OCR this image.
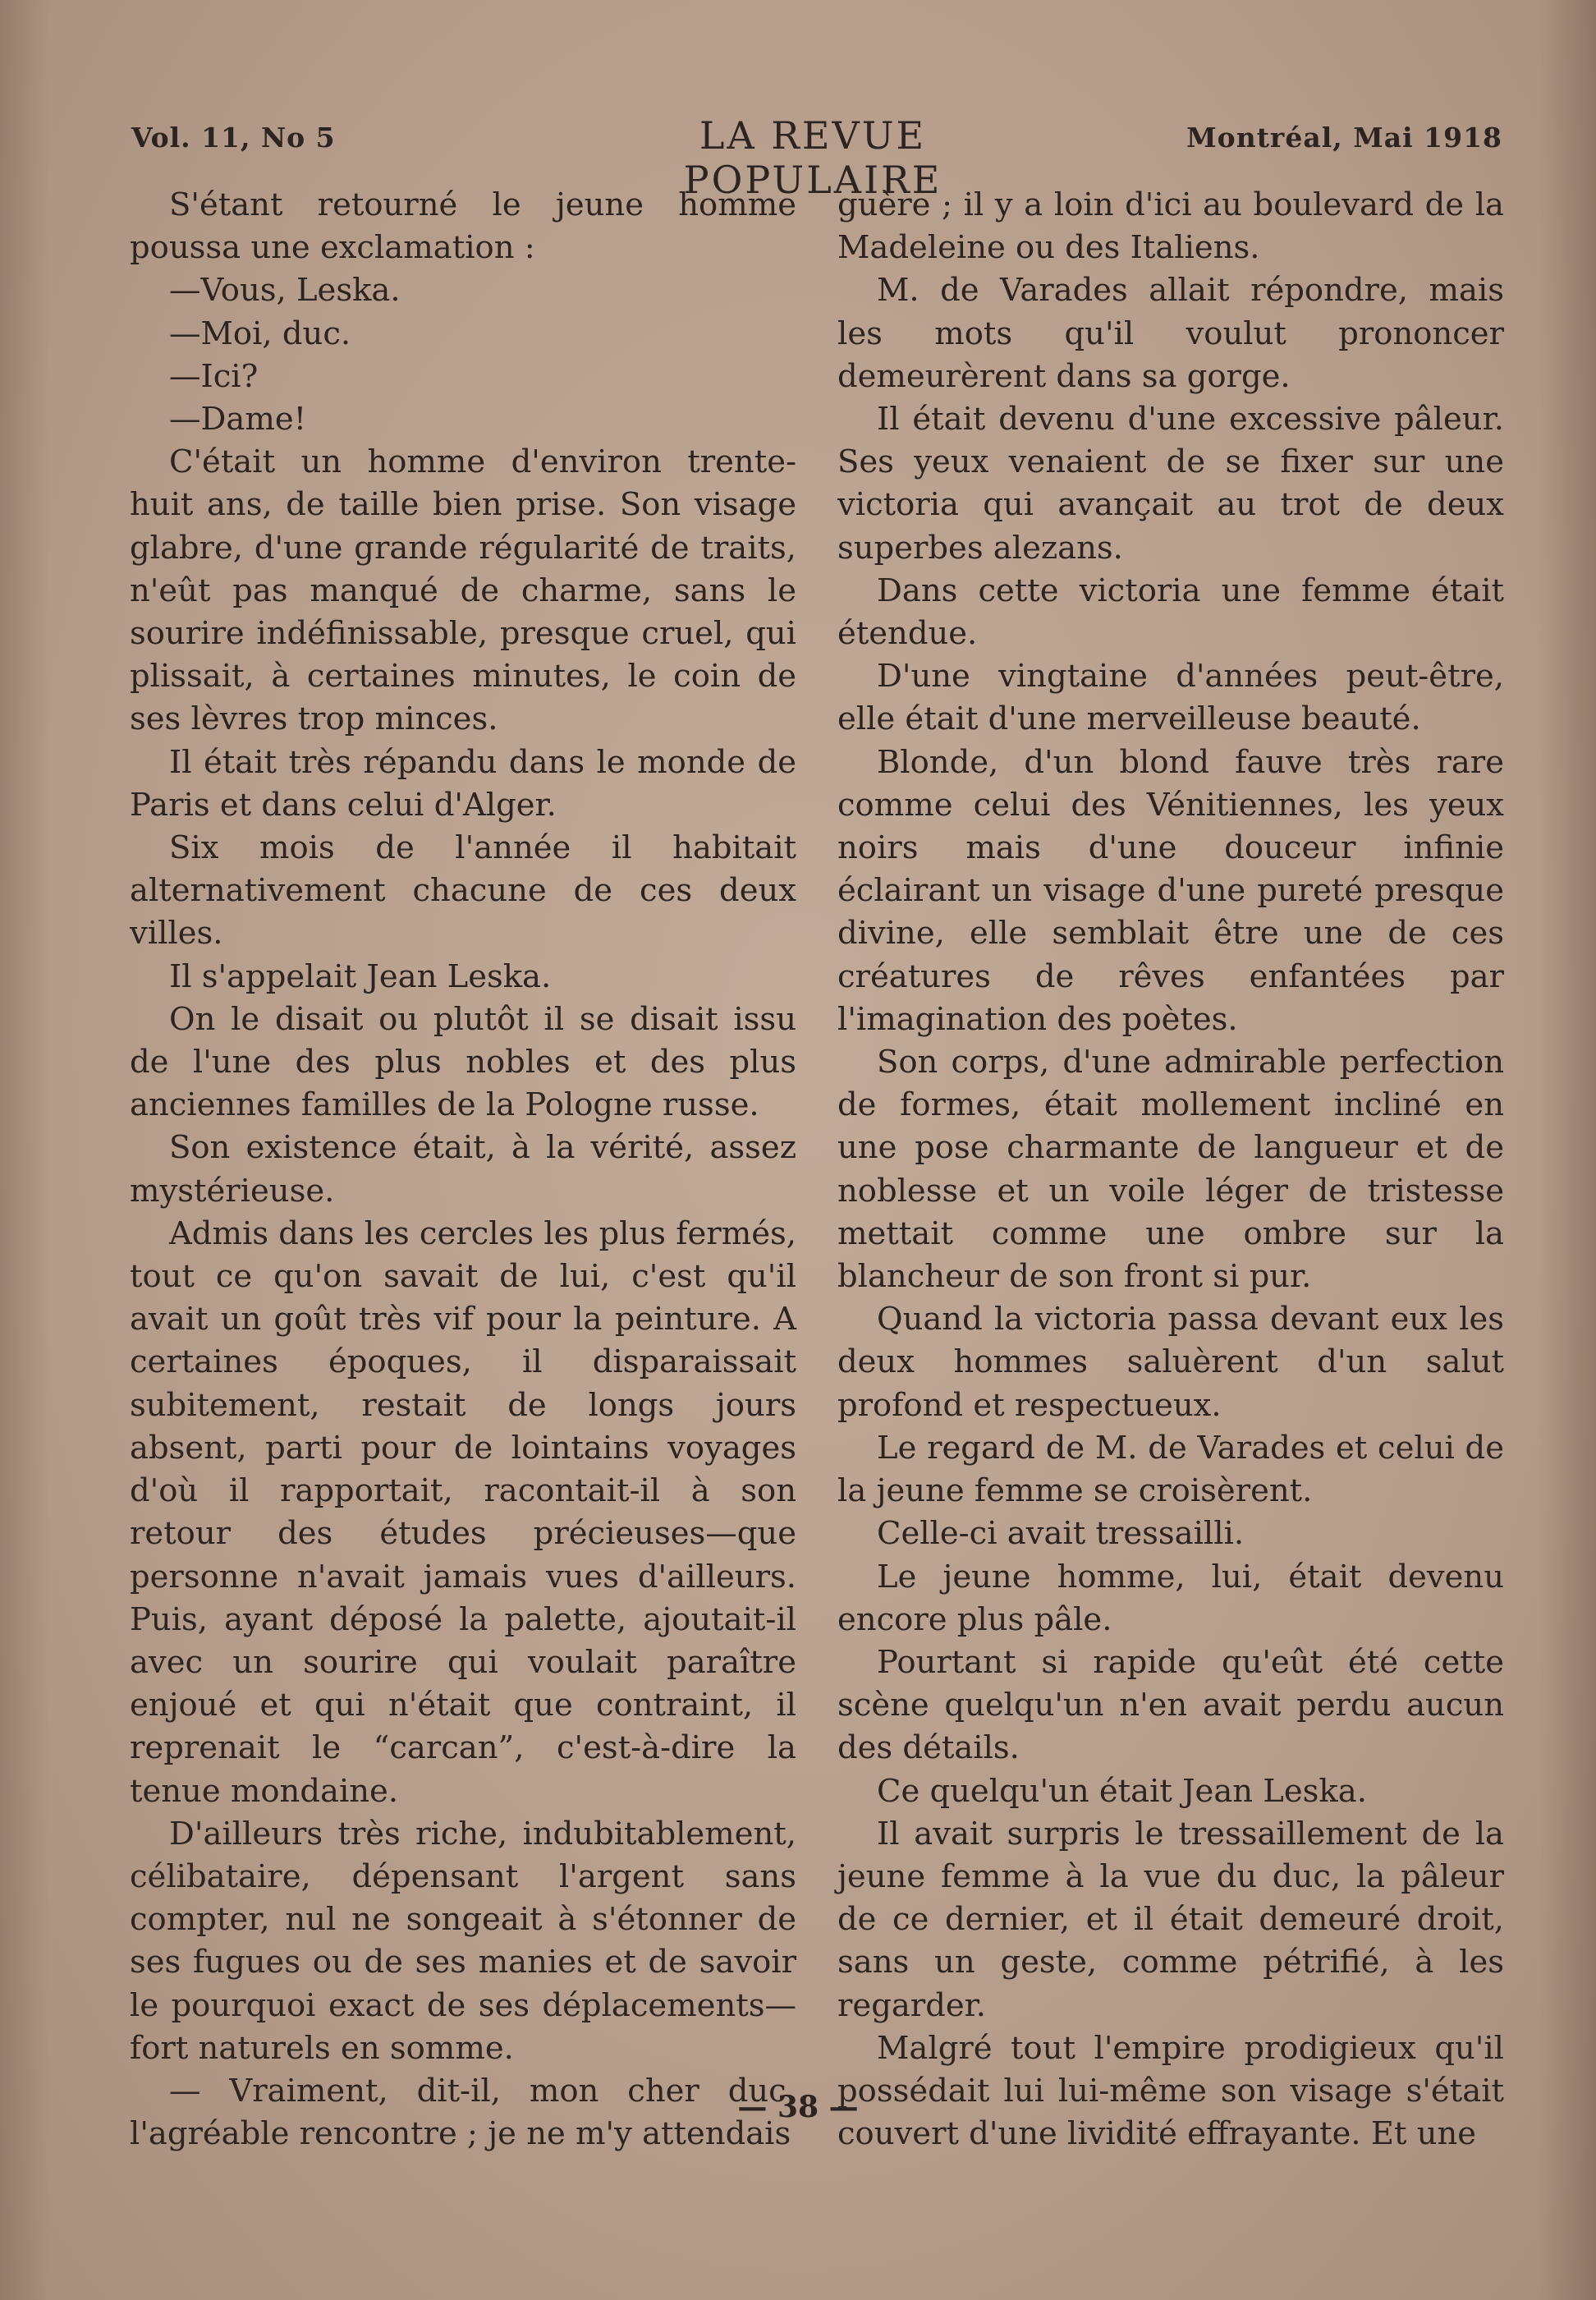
Vol. 11, No 5	LA REVUE POPULAIRE
Montréal, Mai 1918

S'étant retourné le jeune homme poussa une exclamation :

—Vous, Leska.

—Moi, duc.

—Ici?

—Dame!

C'était un homme d'environ trente-huit ans, de taille bien prise. Son visage glabre, d'une grande régularité de traits, n'eût pas manqué de charme, sans le sourire indéfinissable, presque cruel, qui plissait, à certaines minutes, le coin de ses lèvres trop minces.

Il était très répandu dans le monde de Paris et dans celui d'Alger.

Six mois de l'année il habitait alternativement chacune de ces deux villes.

Il s'appelait Jean Leska.

On le disait ou plutôt il se disait issu de l'une des plus nobles et des plus anciennes familles de la Pologne russe.

Son existence était, à la vérité, assez mystérieuse.

Admis dans les cercles les plus fermés, tout ce qu'on savait de lui, c'est qu'il avait un goût très vif pour la peinture. A certaines époques, il disparaissait subitement, restait de longs jours absent, parti pour de lointains voyages d'où il rapportait, racontait-il à son retour des études précieuses—que personne n'avait jamais vues d'ailleurs. Puis, ayant déposé la palette, ajoutait-il avec un sourire qui voulait paraître enjoué et qui n'était que contraint, il reprenait le “carcan”, c'est-à-dire la tenue mondaine.

D'ailleurs très riche, indubitablement, célibataire, dépensant l'argent sans compter, nul ne songeait à s'étonner de ses fugues ou de ses manies et de savoir le pourquoi exact de ses déplacements—fort naturels en somme.

— Vraiment, dit-il, mon cher duc, l'agréable rencontre ; je ne m'y attendais

guère ; il y a loin d'ici au boulevard de la Madeleine ou des Italiens.

M. de Varades allait répondre, mais les mots qu'il voulut prononcer demeurèrent dans sa gorge.

Il était devenu d'une excessive pâleur. Ses yeux venaient de se fixer sur une victoria qui avançait au trot de deux superbes alezans.

Dans cette victoria une femme était étendue.

D'une vingtaine d'années peut-être, elle était d'une merveilleuse beauté.

Blonde, d'un blond fauve très rare comme celui des Vénitiennes, les yeux noirs mais d'une douceur infinie éclairant un visage d'une pureté presque divine, elle semblait être une de ces créatures de rêves enfantées par l'imagination des poètes.

Son corps, d'une admirable perfection de formes, était mollement incliné en une pose charmante de langueur et de noblesse et un voile léger de tristesse mettait comme une ombre sur la blancheur de son front si pur.

Quand la victoria passa devant eux les deux hommes saluèrent d'un salut profond et respectueux.

Le regard de M. de Varades et celui de la jeune femme se croisèrent.

Celle-ci avait tressailli.

Le jeune homme, lui, était devenu encore plus pâle.

Pourtant si rapide qu'eût été cette scène quelqu'un n'en avait perdu aucun des détails.

Ce quelqu'un était Jean Leska.

Il avait surpris le tressaillement de la jeune femme à la vue du duc, la pâleur de ce dernier, et il était demeuré droit, sans un geste, comme pétrifié, à les regarder.

Malgré tout l'empire prodigieux qu'il possédait lui lui-même son visage s'était couvert d'une lividité effrayante. Et une

— 38 —
